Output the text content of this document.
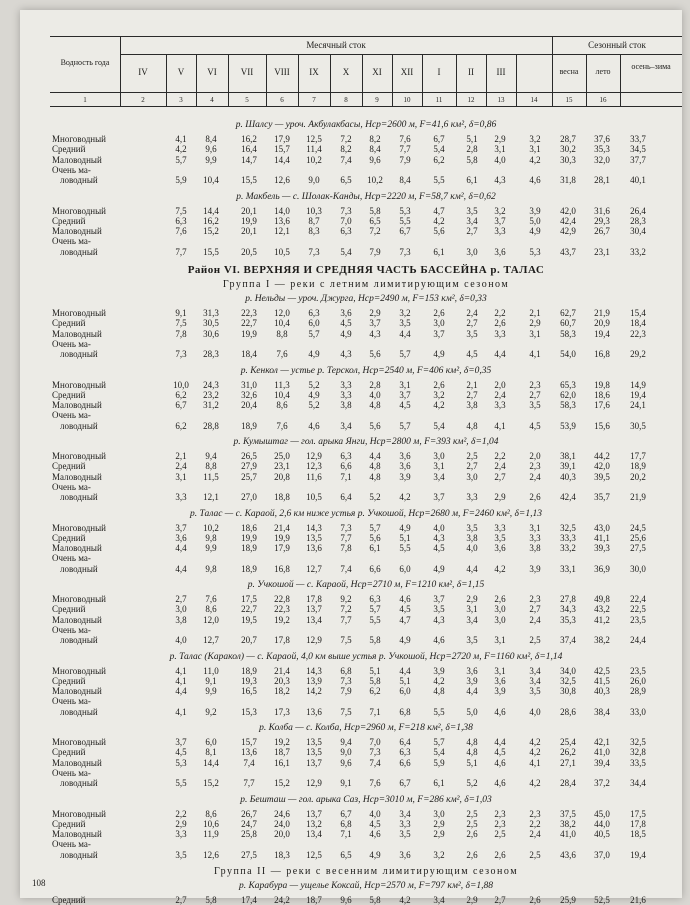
Водность года
Месячный сток	Сезонный сток
IV	V	VI	VII	VIII	IX	X	XI	XII	I	II	III	весна	лето
осень–зима
1	2	3	4	5	6	7	8	9	10	11	12	13	14	15	16
р. Шалсу — уроч. Акбулакбасы, Hср=2600 м, F=41,6 км², δ=0,86
Многоводный	4,1	8,4	16,2	17,9	12,5	7,2	8,2	7,6	6,7	5,1	2,9	3,2	28,7	37,6	33,7
Средний	4,2	9,6	16,4	15,7	11,4	8,2	8,4	7,7	5,4	2,8	3,1	3,1	30,2	35,3	34,5
Маловодный	5,7	9,9	14,7	14,4	10,2	7,4	9,6	7,9	6,2	5,8	4,0	4,2	30,3	32,0	37,7
Очень ма-
ловодный	5,9	10,4	15,5	12,6	9,0	6,5	10,2	8,4	5,5	6,1	4,3	4,6	31,8	28,1	40,1
р. Макбель — с. Шолак-Канды, Hср=2220 м, F=58,7 км², δ=0,62
Многоводный	7,5	14,4	20,1	14,0	10,3	7,3	5,8	5,3	4,7	3,5	3,2	3,9	42,0	31,6	26,4
Средний	6,3	16,2	19,9	13,6	8,7	7,0	6,5	5,5	4,2	3,4	3,7	5,0	42,4	29,3	28,3
Маловодный	7,6	15,2	20,1	12,1	8,3	6,3	7,2	6,7	5,6	2,7	3,3	4,9	42,9	26,7	30,4
Очень ма-
ловодный	7,7	15,5	20,5	10,5	7,3	5,4	7,9	7,3	6,1	3,0	3,6	5,3	43,7	23,1	33,2
Район VI. ВЕРХНЯЯ И СРЕДНЯЯ ЧАСТЬ БАССЕЙНА р. ТАЛАС
Группа I — реки с летним лимитирующим сезоном
р. Нельды — уроч. Джургa, Hср=2490 м, F=153 км², δ=0,33
Многоводный	9,1	31,3	22,3	12,0	6,3	3,6	2,9	3,2	2,6	2,4	2,2	2,1	62,7	21,9	15,4
Средний	7,5	30,5	22,7	10,4	6,0	4,5	3,7	3,5	3,0	2,7	2,6	2,9	60,7	20,9	18,4
Маловодный	7,8	30,6	19,9	8,8	5,7	4,9	4,3	4,4	3,7	3,5	3,3	3,1	58,3	19,4	22,3
Очень ма-
ловодный	7,3	28,3	18,4	7,6	4,9	4,3	5,6	5,7	4,9	4,5	4,4	4,1	54,0	16,8	29,2
р. Кенкол — устье р. Терскол, Hср=2540 м, F=406 км², δ=0,35
Многоводный	10,0	24,3	31,0	11,3	5,2	3,3	2,8	3,1	2,6	2,1	2,0	2,3	65,3	19,8	14,9
Средний	6,2	23,2	32,6	10,4	4,9	3,3	4,0	3,7	3,2	2,7	2,4	2,7	62,0	18,6	19,4
Маловодный	6,7	31,2	20,4	8,6	5,2	3,8	4,8	4,5	4,2	3,8	3,3	3,5	58,3	17,6	24,1
Очень ма-
ловодный	6,2	28,8	18,9	7,6	4,6	3,4	5,6	5,7	5,4	4,8	4,1	4,5	53,9	15,6	30,5
р. Кумыштаг — гол. арыка Янги, Hср=2800 м, F=393 км², δ=1,04
Многоводный	2,1	9,4	26,5	25,0	12,9	6,3	4,4	3,6	3,0	2,5	2,2	2,0	38,1	44,2	17,7
Средний	2,4	8,8	27,9	23,1	12,3	6,6	4,8	3,6	3,1	2,7	2,4	2,3	39,1	42,0	18,9
Маловодный	3,1	11,5	25,7	20,8	11,6	7,1	4,8	3,9	3,4	3,0	2,7	2,4	40,3	39,5	20,2
Очень ма-
ловодный	3,3	12,1	27,0	18,8	10,5	6,4	5,2	4,2	3,7	3,3	2,9	2,6	42,4	35,7	21,9
р. Талас — с. Карaой, 2,6 км ниже устья р. Учкошой, Hср=2680 м, F=2460 км², δ=1,13
Многоводный	3,7	10,2	18,6	21,4	14,3	7,3	5,7	4,9	4,0	3,5	3,3	3,1	32,5	43,0	24,5
Средний	3,6	9,8	19,9	19,9	13,5	7,7	5,6	5,1	4,3	3,8	3,5	3,3	33,3	41,1	25,6
Маловодный	4,4	9,9	18,9	17,9	13,6	7,8	6,1	5,5	4,5	4,0	3,6	3,8	33,2	39,3	27,5
Очень ма-
ловодный	4,4	9,8	18,9	16,8	12,7	7,4	6,6	6,0	4,9	4,4	4,2	3,9	33,1	36,9	30,0
р. Учкошой — с. Карaой, Hср=2710 м, F=1210 км², δ=1,15
Многоводный	2,7	7,6	17,5	22,8	17,8	9,2	6,3	4,6	3,7	2,9	2,6	2,3	27,8	49,8	22,4
Средний	3,0	8,6	22,7	22,3	13,7	7,2	5,7	4,5	3,5	3,1	3,0	2,7	34,3	43,2	22,5
Маловодный	3,8	12,0	19,5	19,2	13,4	7,7	5,5	4,7	4,3	3,4	3,0	2,4	35,3	41,2	23,5
Очень ма-
ловодный	4,0	12,7	20,7	17,8	12,9	7,5	5,8	4,9	4,6	3,5	3,1	2,5	37,4	38,2	24,4
р. Талас (Каракол) — с. Карaой, 4,0 км выше устья р. Учкошой, Hср=2720 м, F=1160 км², δ=1,14
Многоводный	4,1	11,0	18,9	21,4	14,3	6,8	5,1	4,4	3,9	3,6	3,1	3,4	34,0	42,5	23,5
Средний	4,1	9,1	19,3	20,3	13,9	7,3	5,8	5,1	4,2	3,9	3,6	3,4	32,5	41,5	26,0
Маловодный	4,4	9,9	16,5	18,2	14,2	7,9	6,2	6,0	4,8	4,4	3,9	3,5	30,8	40,3	28,9
Очень ма-
ловодный	4,1	9,2	15,3	17,3	13,6	7,5	7,1	6,8	5,5	5,0	4,6	4,0	28,6	38,4	33,0
р. Колба — с. Колба, Hср=2960 м, F=218 км², δ=1,38
Многоводный	3,7	6,0	15,7	19,2	13,5	9,4	7,0	6,4	5,7	4,8	4,4	4,2	25,4	42,1	32,5
Средний	4,5	8,1	13,6	18,7	13,5	9,0	7,3	6,3	5,4	4,8	4,5	4,2	26,2	41,0	32,8
Маловодный	5,3	14,4	7,4	16,1	13,7	9,6	7,4	6,6	5,9	5,1	4,6	4,1	27,1	39,4	33,5
Очень ма-
ловодный	5,5	15,2	7,7	15,2	12,9	9,1	7,6	6,7	6,1	5,2	4,6	4,2	28,4	37,2	34,4
р. Бешташ — гол. арыка Саз, Hср=3010 м, F=286 км², δ=1,03
Многоводный	2,2	8,6	26,7	24,6	13,7	6,7	4,0	3,4	3,0	2,5	2,3	2,3	37,5	45,0	17,5
Средний	2,9	10,6	24,7	24,0	13,2	6,8	4,5	3,3	2,9	2,5	2,3	2,2	38,2	44,0	17,8
Маловодный	3,3	11,9	25,8	20,0	13,4	7,1	4,6	3,5	2,9	2,6	2,5	2,4	41,0	40,5	18,5
Очень ма-
ловодный	3,5	12,6	27,5	18,3	12,5	6,5	4,9	3,6	3,2	2,6	2,6	2,5	43,6	37,0	19,4
Группа II — реки с весенним лимитирующим сезоном
р. Карабура — ущелье Коксай, Hср=2570 м, F=797 км², δ=1,88
Средний	2,7	5,8	17,4	24,2	18,7	9,6	5,8	4,2	3,4	2,9	2,7	2,6	25,9	52,5	21,6
108
